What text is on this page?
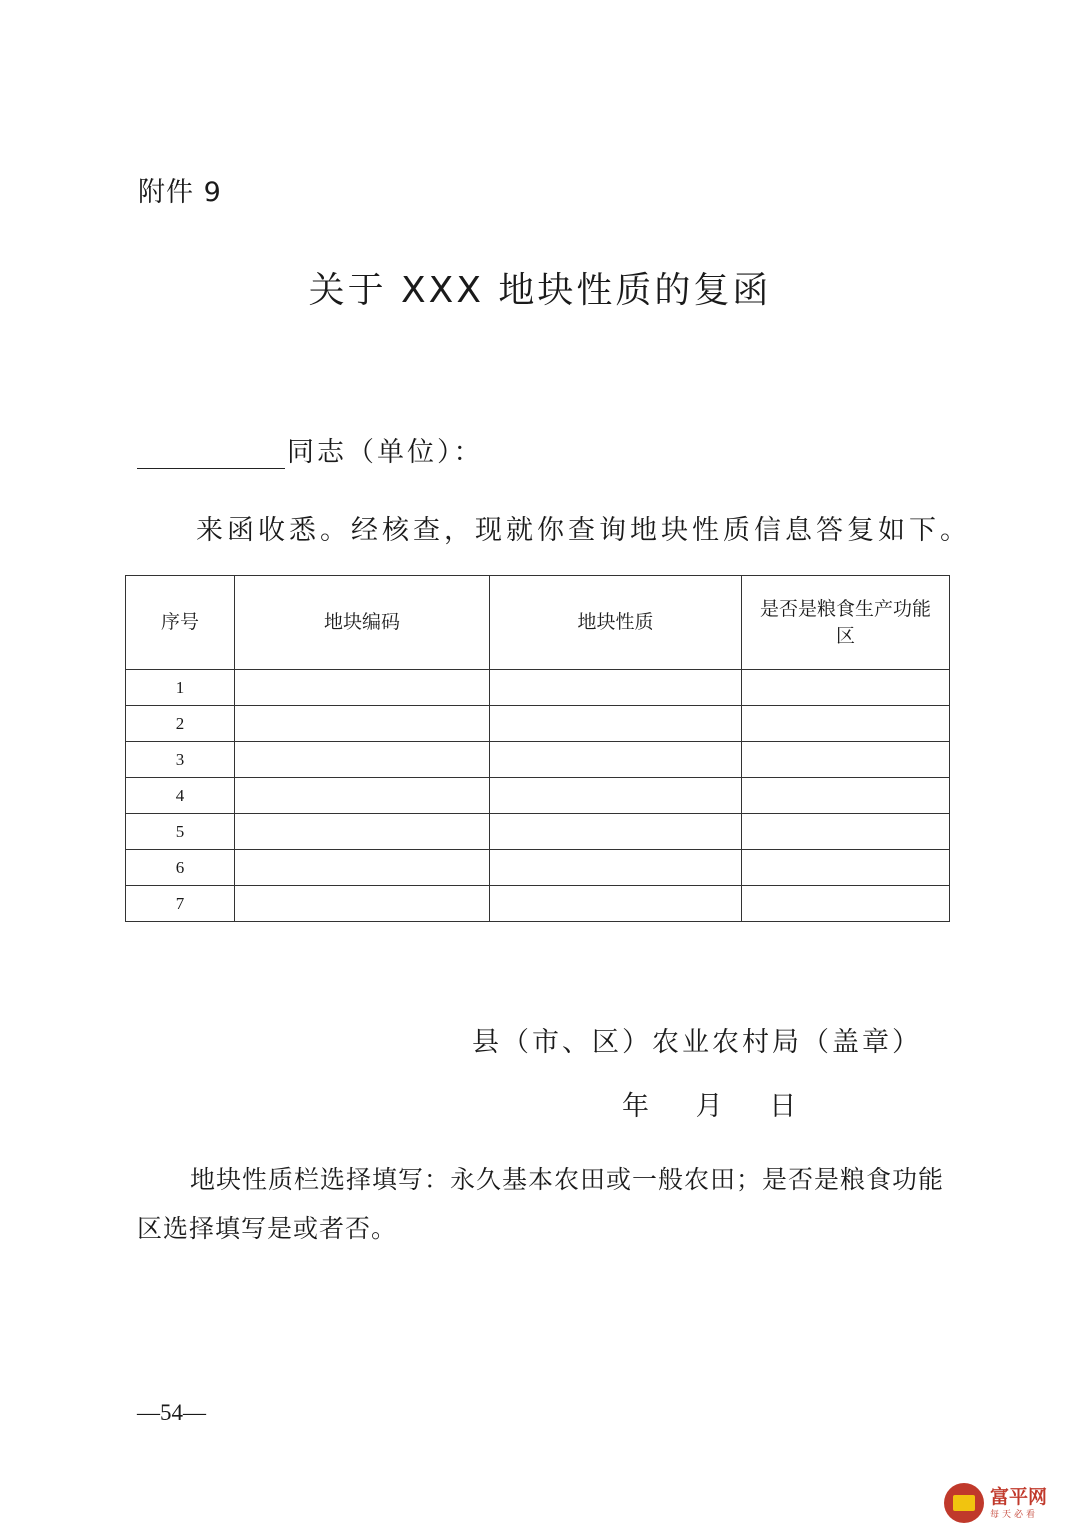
附件 9
关于 XXX 地块性质的复函
同志（单位）：
来函收悉。经核查，现就你查询地块性质信息答复如下。
序号	地块编码	地块性质	是否是粮食生产功能区
1			
2			
3			
4			
5			
6			
7			
县（市、区）农业农村局（盖章）
年 月 日
地块性质栏选择填写：永久基本农田或一般农田；是否是粮食功能区选择填写是或者否。
—54—
富平网
每天必看
